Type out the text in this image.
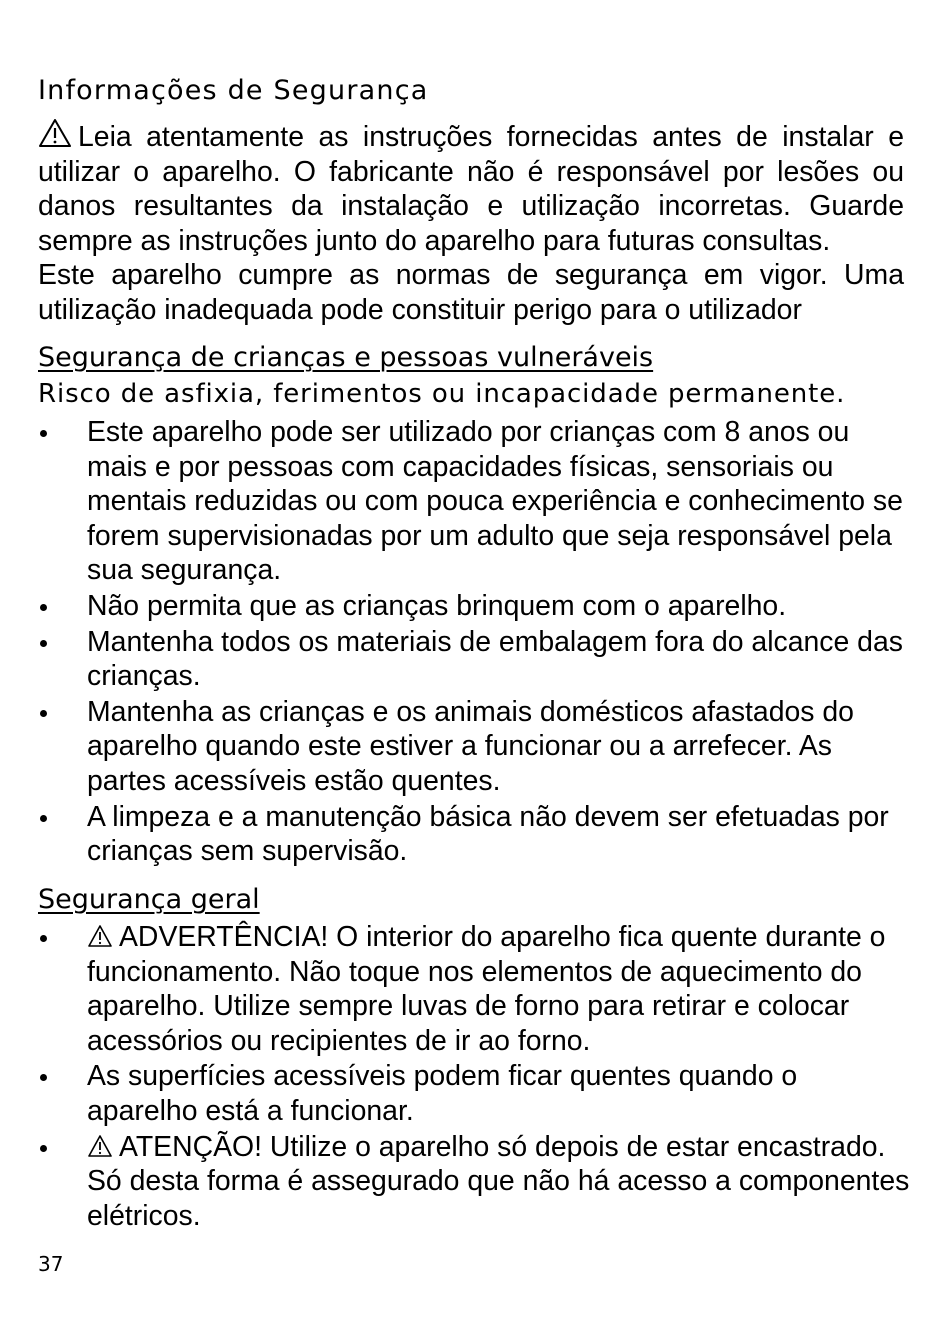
Informações de Segurança

Leia atentamente as instruções fornecidas antes de instalar e utilizar o aparelho. O fabricante não é responsável por lesões ou danos resultantes da instalação e utilização incorretas. Guarde sempre as instruções junto do aparelho para futuras consultas.

Este aparelho cumpre as normas de segurança em vigor. Uma utilização inadequada pode constituir perigo para o utilizador

Segurança de crianças e pessoas vulneráveis

Risco de asfixia, ferimentos ou incapacidade permanente.

Este aparelho pode ser utilizado por crianças com 8 anos ou mais e por pessoas com capacidades físicas, sensoriais ou mentais reduzidas ou com pouca experiência e conhecimento se forem supervisionadas por um adulto que seja responsável pela sua segurança.
Não permita que as crianças brinquem com o aparelho.
Mantenha todos os materiais de embalagem fora do alcance das crianças.
Mantenha as crianças e os animais domésticos afastados do aparelho quando este estiver a funcionar ou a arrefecer. As partes acessíveis estão quentes.
A limpeza e a manutenção básica não devem ser efetuadas por crianças sem supervisão.
Segurança geral
ADVERTÊNCIA! O interior do aparelho fica quente durante o funcionamento. Não toque nos elementos de aquecimento do aparelho. Utilize sempre luvas de forno para retirar e colocar acessórios ou recipientes de ir ao forno.
As superfícies acessíveis podem ficar quentes quando o aparelho está a funcionar.
ATENÇÃO! Utilize o aparelho só depois de estar encastrado. Só desta forma é assegurado que não há acesso a componentes elétricos.
37
